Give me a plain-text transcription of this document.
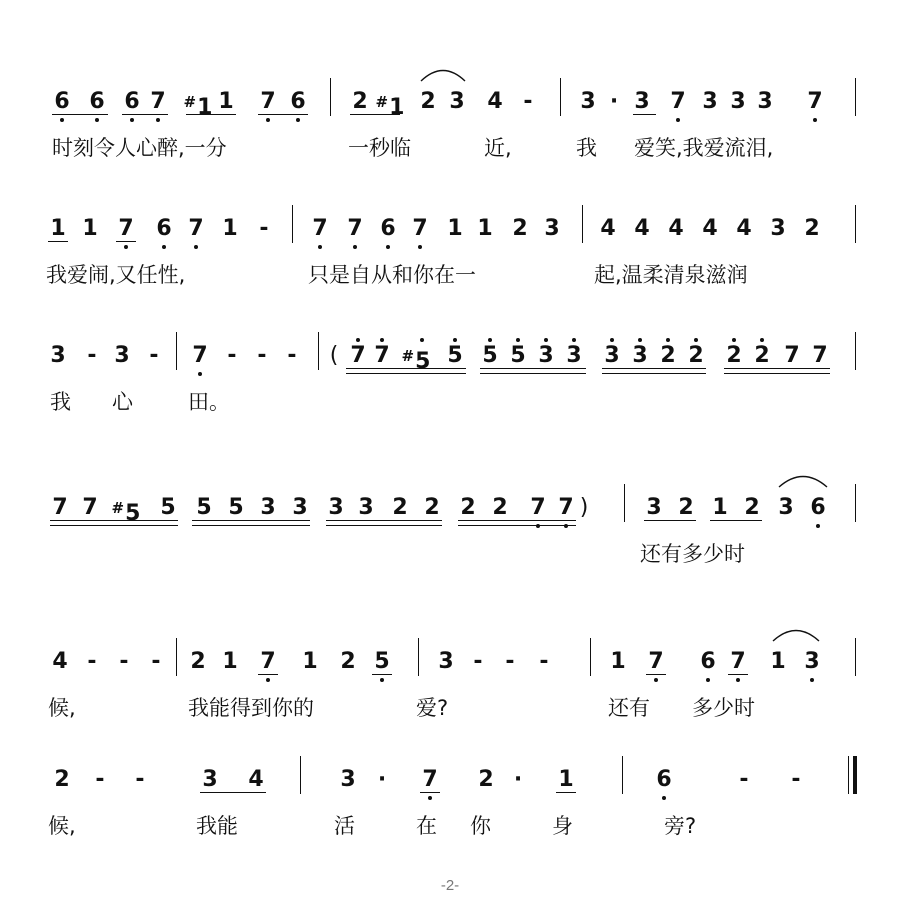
6 6 6 7 #1 1 7 6 2 #1 2 3 4 - 3 · 3 7 3 3 3 7
时刻令人心醉,一分	一秒临	近,	我 爱笑,我爱流泪,
1 1 7 6 7 1 - 7 7 6 7 1 1 2 3 4 4 4 4 4 3 2
我爱闹,又任性,	只是自从和你在一	起,温柔清泉滋润
3 - 3 - 7 - - - ( 7 7 #5 5 5 5 3 3 3 3 2 2 2 2 7 7
我 心	田。
7 7 #5 5 5 5 3 3 3 3 2 2 2 2 7 7 )	3 2 1 2 3 6
还有多少时
4 - - - 2 1 7 1 2 5 3 - - -	1 7 6 7 1 3
候,	我能得到你的	爱?	还有 多少时
2 - -	3 4	3 · 7 2 · 1	6	- -
候,	我能	活	在 你	身	旁?
-2-
